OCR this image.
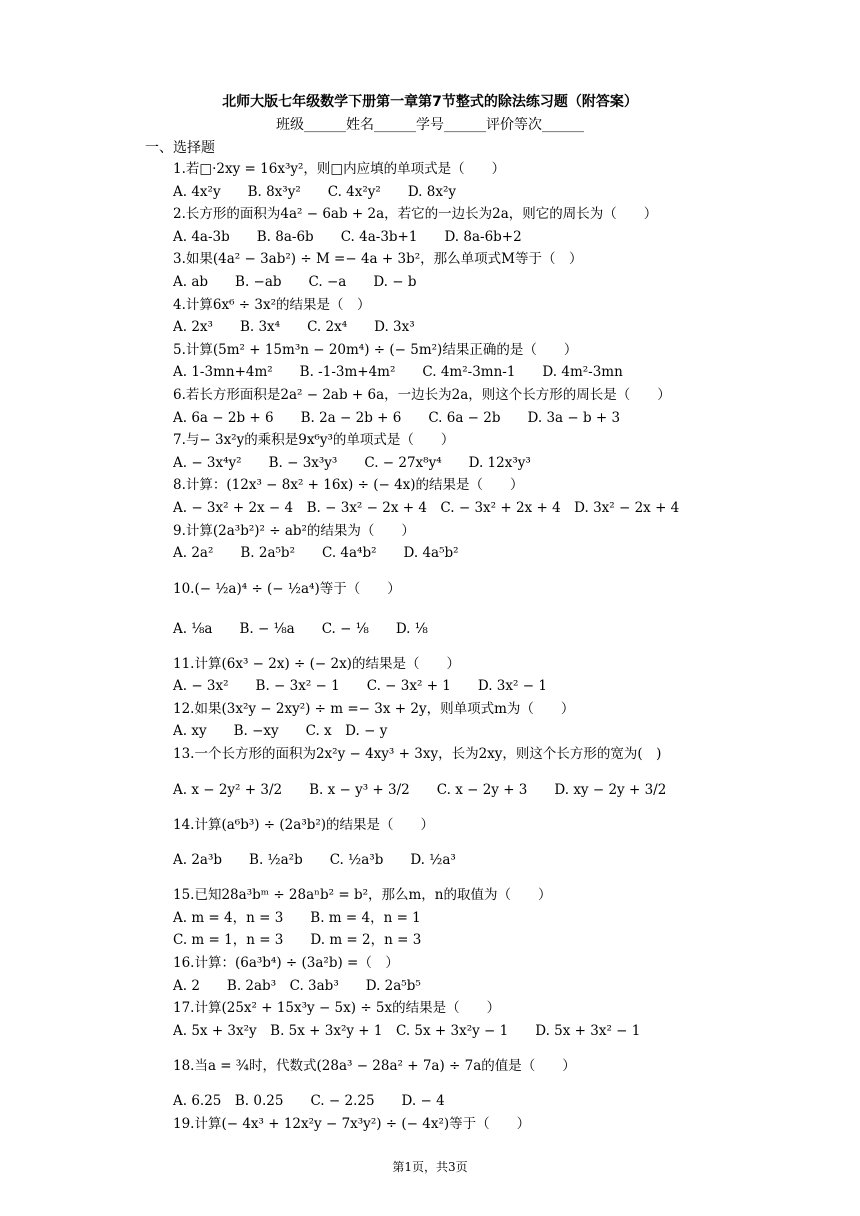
北师大版七年级数学下册第一章第7节整式的除法练习题（附答案）
班级______姓名______学号______评价等次______
一、选择题
1.若□·2xy = 16x³y²，则□内应填的单项式是（　　）
A. 4x²y　　B. 8x³y²　　C. 4x²y²　　D. 8x²y
2.长方形的面积为4a² − 6ab + 2a，若它的一边长为2a，则它的周长为（　　）
A. 4a-3b　　B. 8a-6b　　C. 4a-3b+1　　D. 8a-6b+2
3.如果(4a² − 3ab²) ÷ M =− 4a + 3b²，那么单项式M等于（　）
A. ab　　B. −ab　　C. −a　　D. − b
4.计算6x⁶ ÷ 3x²的结果是（　）
A. 2x³　　B. 3x⁴　　C. 2x⁴　　D. 3x³
5.计算(5m² + 15m³n − 20m⁴) ÷ (− 5m²)结果正确的是（　　）
A. 1-3mn+4m²　　B. -1-3m+4m²　　C. 4m²-3mn-1　　D. 4m²-3mn
6.若长方形面积是2a² − 2ab + 6a，一边长为2a，则这个长方形的周长是（　　）
A. 6a − 2b + 6　　B. 2a − 2b + 6　　C. 6a − 2b　　D. 3a − b + 3
7.与− 3x²y的乘积是9x⁶y³的单项式是（　　）
A. − 3x⁴y²　　B. − 3x³y³　　C. − 27x⁸y⁴　　D. 12x³y³
8.计算：(12x³ − 8x² + 16x) ÷ (− 4x)的结果是（　　）
A. − 3x² + 2x − 4　B. − 3x² − 2x + 4　C. − 3x² + 2x + 4　D. 3x² − 2x + 4
9.计算(2a³b²)² ÷ ab²的结果为（　　）
A. 2a²　　B. 2a⁵b²　　C. 4a⁴b²　　D. 4a⁵b²
10.(− ½a)⁴ ÷ (− ½a⁴)等于（　　）
A. ⅛a　　B. − ⅛a　　C. − ⅛　　D. ⅛
11.计算(6x³ − 2x) ÷ (− 2x)的结果是（　　）
A. − 3x²　　B. − 3x² − 1　　C. − 3x² + 1　　D. 3x² − 1
12.如果(3x²y − 2xy²) ÷ m =− 3x + 2y，则单项式m为（　　）
A. xy　　B. −xy　　C. x　D. − y
13.一个长方形的面积为2x²y − 4xy³ + 3xy，长为2xy，则这个长方形的宽为(　)
A. x − 2y² + 3/2　　B. x − y³ + 3/2　　C. x − 2y + 3　　D. xy − 2y + 3/2
14.计算(a⁶b³) ÷ (2a³b²)的结果是（　　）
A. 2a³b　　B. ½a²b　　C. ½a³b　　D. ½a³
15.已知28a³bᵐ ÷ 28aⁿb² = b²，那么m，n的取值为（　　）
A. m = 4，n = 3　　B. m = 4，n = 1
C. m = 1，n = 3　　D. m = 2，n = 3
16.计算：(6a³b⁴) ÷ (3a²b) =（　）
A. 2　　B. 2ab³　C. 3ab³　　D. 2a⁵b⁵
17.计算(25x² + 15x³y − 5x) ÷ 5x的结果是（　　）
A. 5x + 3x²y　B. 5x + 3x²y + 1　C. 5x + 3x²y − 1　　D. 5x + 3x² − 1
18.当a = ¾时，代数式(28a³ − 28a² + 7a) ÷ 7a的值是（　　）
A. 6.25　B. 0.25　　C. − 2.25　　D. − 4
19.计算(− 4x³ + 12x²y − 7x³y²) ÷ (− 4x²)等于（　　）
第1页，共3页
